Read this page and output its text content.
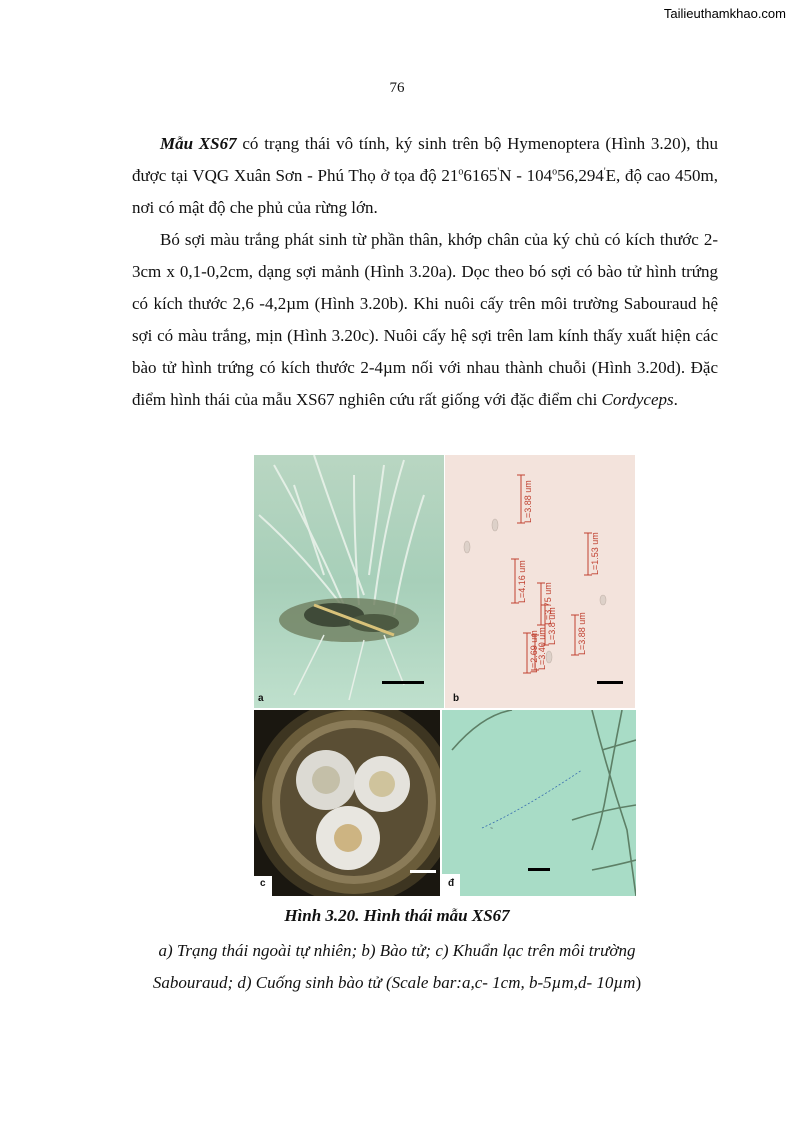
Tailieuthamkhao.com
76

Mẫu XS67 có trạng thái vô tính, ký sinh trên bộ Hymenoptera (Hình 3.20), thu được tại VQG Xuân Sơn - Phú Thọ ở tọa độ 21$^o$6165'N - 104$^o$56,294'E, độ cao 450m, nơi có mật độ che phủ của rừng lớn.

Bó sợi màu trắng phát sinh từ phần thân, khớp chân của ký chủ có kích thước 2-3cm x 0,1-0,2cm, dạng sợi mảnh (Hình 3.20a). Dọc theo bó sợi có bào tử hình trứng có kích thước 2,6 -4,2µm (Hình 3.20b). Khi nuôi cấy trên môi trường Sabouraud hệ sợi có màu trắng, mịn (Hình 3.20c). Nuôi cấy hệ sợi trên lam kính thấy xuất hiện các bào tử hình trứng có kích thước 2-4µm nối với nhau thành chuỗi (Hình 3.20d). Đặc điểm hình thái của mẫu XS67 nghiên cứu rất giống với đặc điểm chi Cordyceps.

a
L=3.88 um
L=4.16 um
L=1.53 um
L=3.75 um
L=3.8 um
L=2.69 um
L=3.40 um	L=3.88 um
b
c
~
đ
Hình 3.20. Hình thái mẫu XS67
a) Trạng thái ngoài tự nhiên; b) Bào tử; c) Khuẩn lạc trên môi trường
Sabouraud; d) Cuống sinh bào tử (Scale bar:a,c- 1cm, b-5µm,d- 10µm)
